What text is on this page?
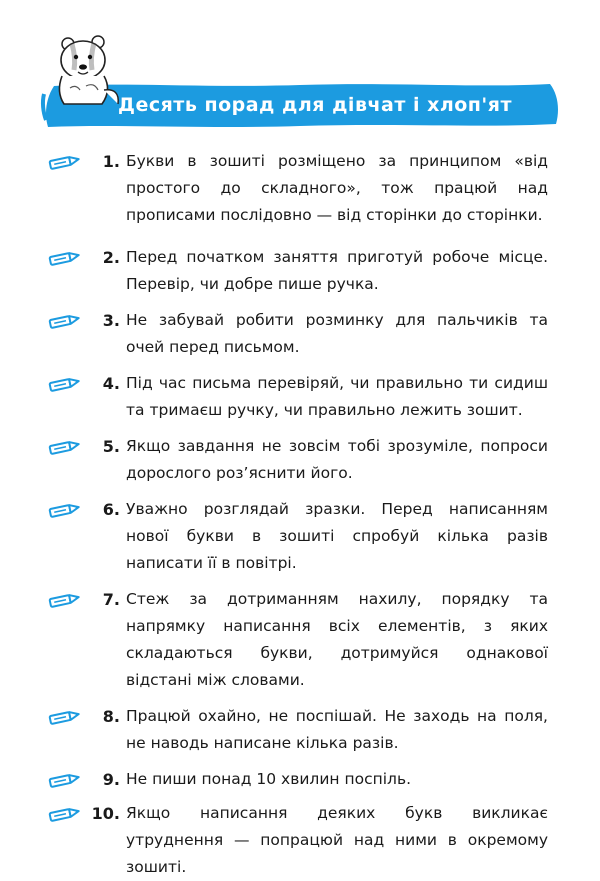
Десять порад для дівчат і хлоп'ят
1. Букви в зошиті розміщено за принципом «від простого до складного», тож працюй над прописами послідовно — від сторінки до сторінки.
2. Перед початком заняття приготуй робоче місце. Перевір, чи добре пише ручка.
3. Не забувай робити розминку для пальчиків та очей перед письмом.
4. Під час письма перевіряй, чи правильно ти сидиш та тримаєш ручку, чи правильно лежить зошит.
5. Якщо завдання не зовсім тобі зрозуміле, попроси дорослого роз’яснити його.
6. Уважно розглядай зразки. Перед написанням нової букви в зошиті спробуй кілька разів написати її в повітрі.
7. Стеж за дотриманням нахилу, порядку та напрямку написання всіх елементів, з яких складаються букви, дотримуйся однакової відстані між словами.
8. Працюй охайно, не поспішай. Не заходь на поля, не наводь написане кілька разів.
9. Не пиши понад 10 хвилин поспіль.
10. Якщо написання деяких букв викликає утруднення — попрацюй над ними в окремому зошиті.
